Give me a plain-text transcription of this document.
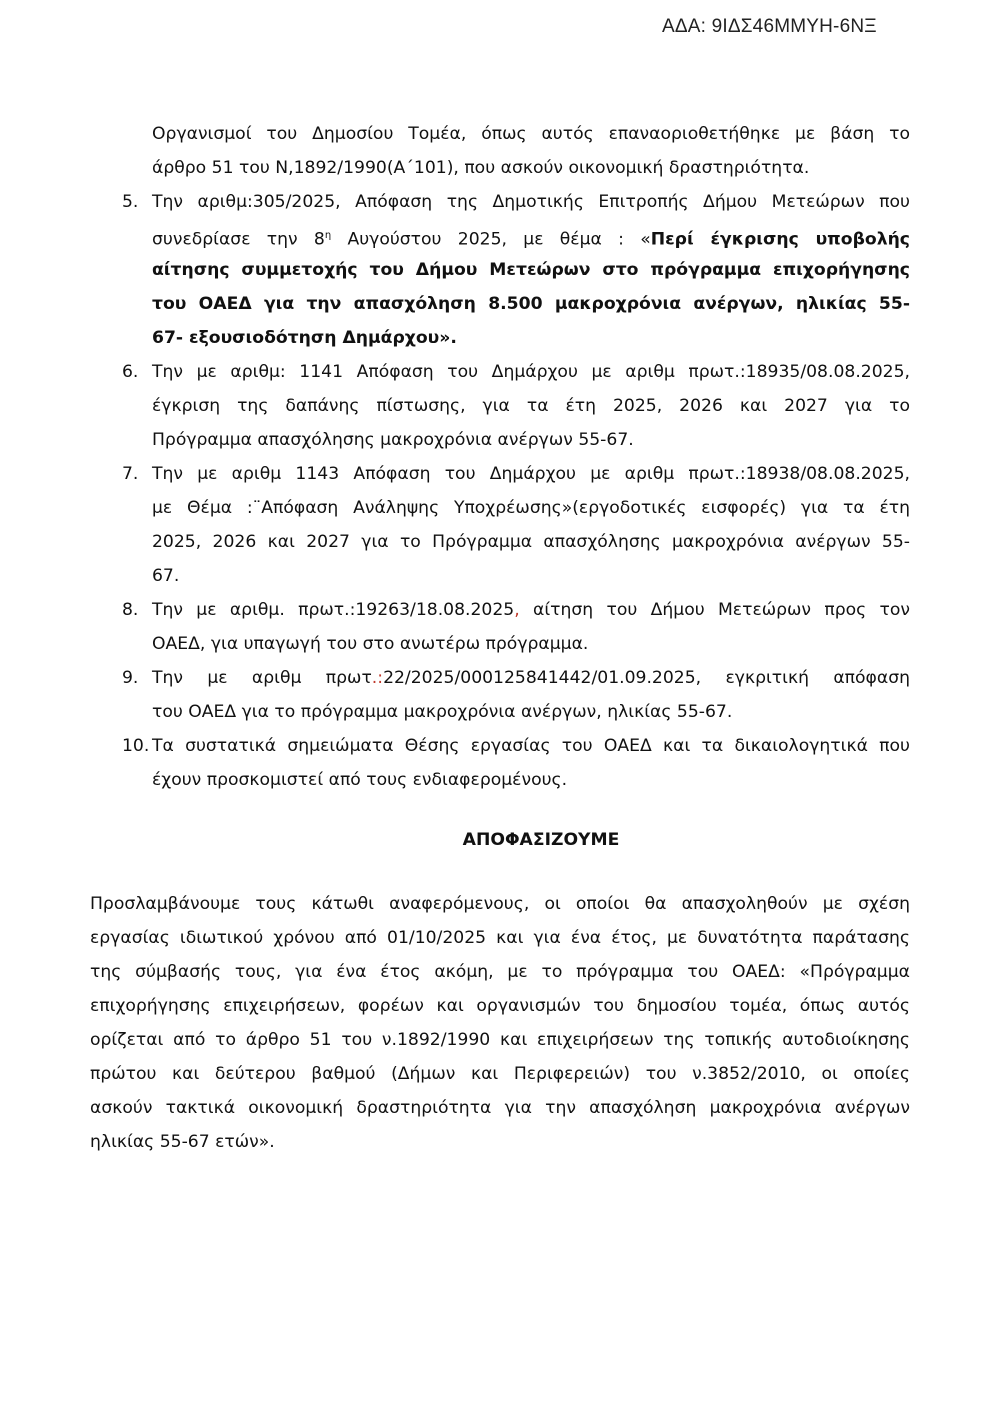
ΑΔΑ: 9ΙΔΣ46ΜΜΥΗ-6ΝΞ
Οργανισμοί του Δημοσίου Τομέα, όπως αυτός επαναοριοθετήθηκε με βάση το
άρθρο 51 του Ν,1892/1990(Α΄101), που ασκούν οικονομική δραστηριότητα.
5. Την αριθμ:305/2025, Απόφαση της Δημοτικής Επιτροπής Δήμου Μετεώρων που
συνεδρίασε την $8^\eta$ Αυγούστου 2025, με θέμα : «Περί έγκρισης υποβολής
αίτησης συμμετοχής του Δήμου Μετεώρων στο πρόγραμμα επιχορήγησης
του ΟΑΕΔ για την απασχόληση 8.500 μακροχρόνια ανέργων, ηλικίας 55-
67- εξουσιοδότηση Δημάρχου».
6. Την με αριθμ: 1141 Απόφαση του Δημάρχου με αριθμ πρωτ.:18935/08.08.2025,
έγκριση της δαπάνης πίστωσης, για τα έτη 2025, 2026 και 2027 για το
Πρόγραμμα απασχόλησης μακροχρόνια ανέργων 55-67.
7. Την με αριθμ 1143 Απόφαση του Δημάρχου με αριθμ πρωτ.:18938/08.08.2025,
με Θέμα :¨Απόφαση Ανάληψης Υποχρέωσης»(εργοδοτικές εισφορές) για τα έτη
2025, 2026 και 2027 για το Πρόγραμμα απασχόλησης μακροχρόνια ανέργων 55-
67.
8. Την με αριθμ. πρωτ.:19263/18.08.2025, αίτηση του Δήμου Μετεώρων προς τον
ΟΑΕΔ, για υπαγωγή του στο ανωτέρω πρόγραμμα.
9. Την με αριθμ πρωτ.:22/2025/000125841442/01.09.2025, εγκριτική απόφαση
του ΟΑΕΔ για το πρόγραμμα μακροχρόνια ανέργων, ηλικίας 55-67.
10. Τα συστατικά σημειώματα Θέσης εργασίας του ΟΑΕΔ και τα δικαιολογητικά που
έχουν προσκομιστεί από τους ενδιαφερομένους.
ΑΠΟΦΑΣΙΖΟΥΜΕ
Προσλαμβάνουμε τους κάτωθι αναφερόμενους, οι οποίοι θα απασχοληθούν με σχέση
εργασίας ιδιωτικού χρόνου από 01/10/2025 και για ένα έτος, με δυνατότητα παράτασης
της σύμβασής τους, για ένα έτος ακόμη, με το πρόγραμμα του ΟΑΕΔ: «Πρόγραμμα
επιχορήγησης επιχειρήσεων, φορέων και οργανισμών του δημοσίου τομέα, όπως αυτός
ορίζεται από το άρθρο 51 του ν.1892/1990 και επιχειρήσεων της τοπικής αυτοδιοίκησης
πρώτου και δεύτερου βαθμού (Δήμων και Περιφερειών) του ν.3852/2010, οι οποίες
ασκούν τακτικά οικονομική δραστηριότητα για την απασχόληση μακροχρόνια ανέργων
ηλικίας 55-67 ετών».
